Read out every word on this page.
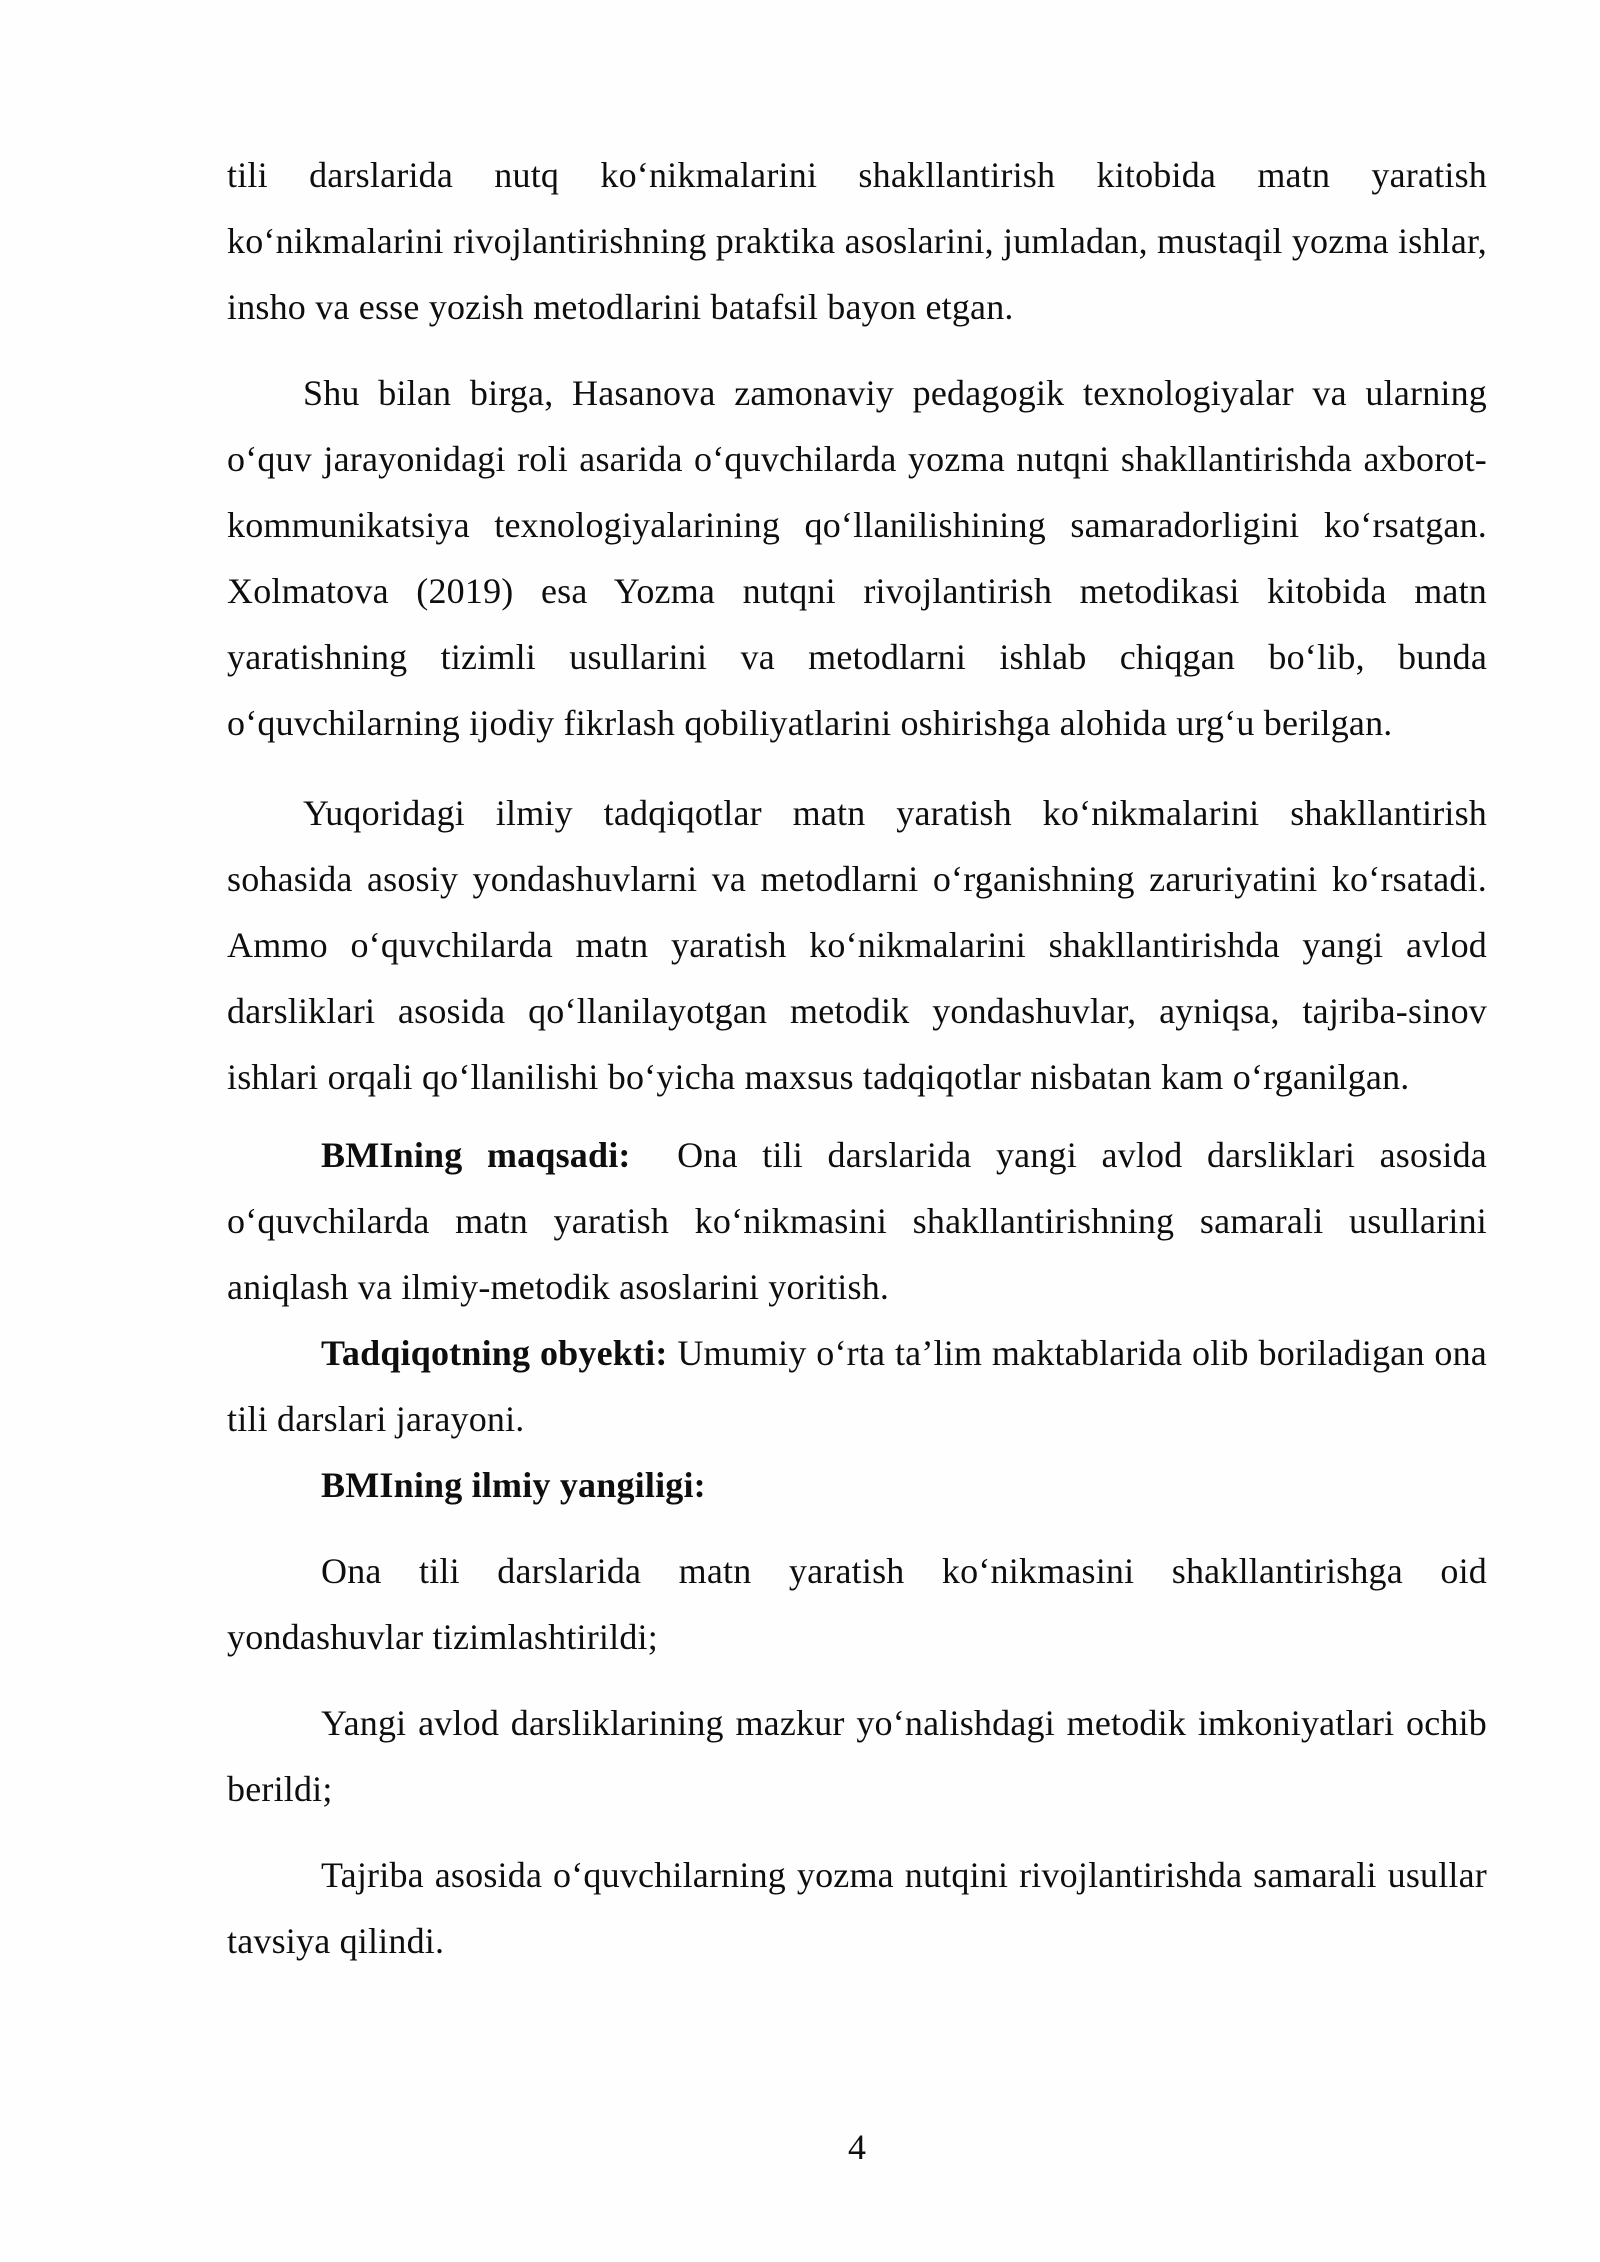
tili darslarida nutq ko‘nikmalarini shakllantirish kitobida matn yaratish ko‘nikmalarini rivojlantirishning praktika asoslarini, jumladan, mustaqil yozma ishlar, insho va esse yozish metodlarini batafsil bayon etgan.

Shu bilan birga, Hasanova zamonaviy pedagogik texnologiyalar va ularning o‘quv jarayonidagi roli asarida o‘quvchilarda yozma nutqni shakllantirishda axborot-kommunikatsiya texnologiyalarining qo‘llanilishining samaradorligini ko‘rsatgan. Xolmatova (2019) esa Yozma nutqni rivojlantirish metodikasi kitobida matn yaratishning tizimli usullarini va metodlarni ishlab chiqgan bo‘lib, bunda o‘quvchilarning ijodiy fikrlash qobiliyatlarini oshirishga alohida urg‘u berilgan.

Yuqoridagi ilmiy tadqiqotlar matn yaratish ko‘nikmalarini shakllantirish sohasida asosiy yondashuvlarni va metodlarni o‘rganishning zaruriyatini ko‘rsatadi. Ammo o‘quvchilarda matn yaratish ko‘nikmalarini shakllantirishda yangi avlod darsliklari asosida qo‘llanilayotgan metodik yondashuvlar, ayniqsa, tajriba-sinov ishlari orqali qo‘llanilishi bo‘yicha maxsus tadqiqotlar nisbatan kam o‘rganilgan.

BMIning maqsadi: Ona tili darslarida yangi avlod darsliklari asosida o‘quvchilarda matn yaratish ko‘nikmasini shakllantirishning samarali usullarini aniqlash va ilmiy-metodik asoslarini yoritish.

Tadqiqotning obyekti: Umumiy o‘rta ta’lim maktablarida olib boriladigan ona tili darslari jarayoni.

BMIning ilmiy yangiligi:

Ona tili darslarida matn yaratish ko‘nikmasini shakllantirishga oid yondashuvlar tizimlashtirildi;

Yangi avlod darsliklarining mazkur yo‘nalishdagi metodik imkoniyatlari ochib berildi;

Tajriba asosida o‘quvchilarning yozma nutqini rivojlantirishda samarali usullar tavsiya qilindi.

4
